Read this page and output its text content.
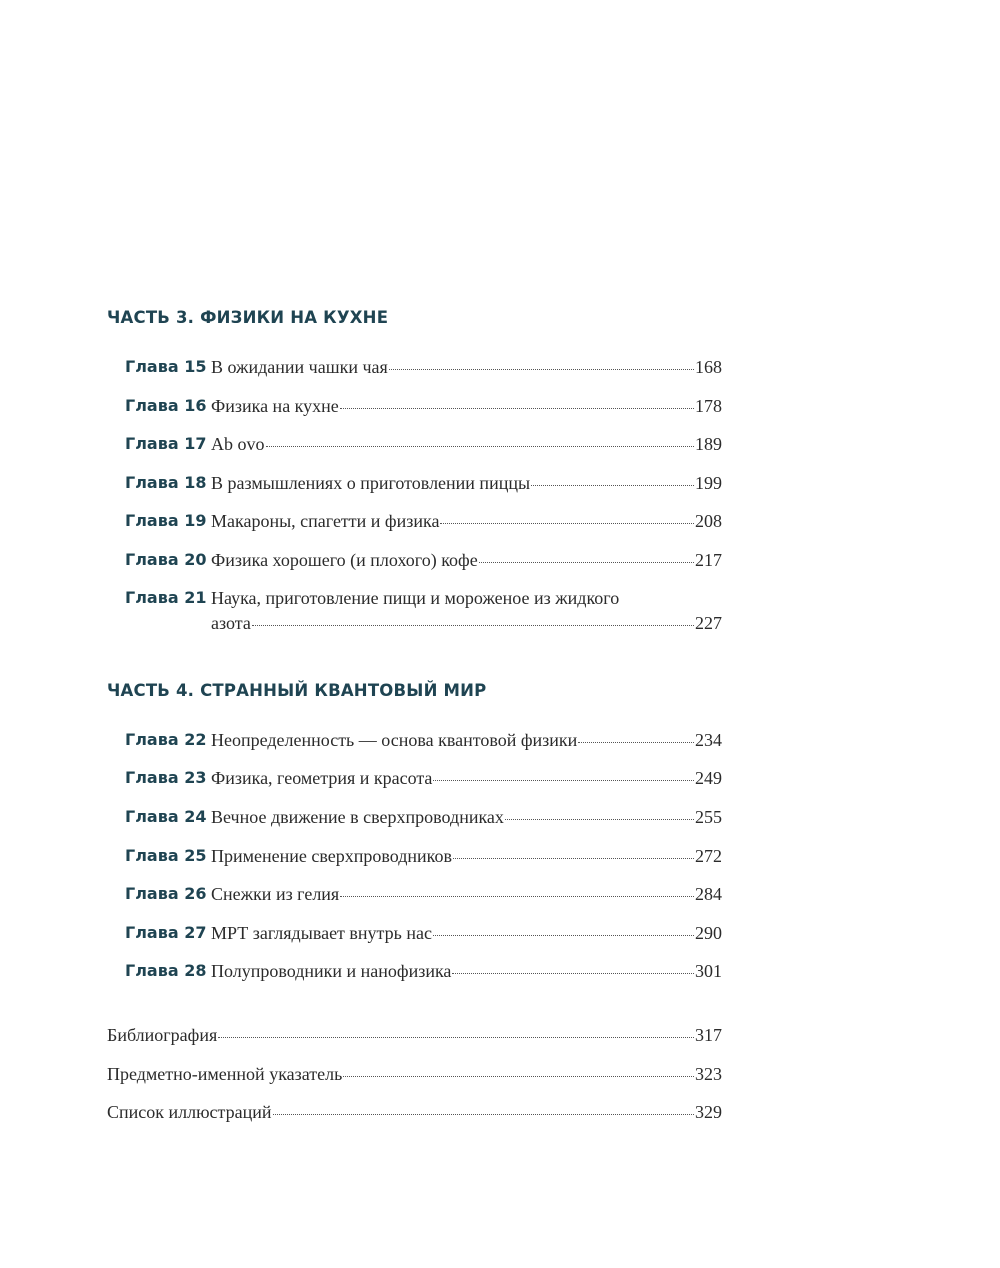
ЧАСТЬ 3. ФИЗИКИ НА КУХНЕ
Глава 15 В ожидании чашки чая	168
Глава 16 Физика на кухне	178
Глава 17 Ab ovo	189
Глава 18 В размышлениях о приготовлении пиццы	199
Глава 19 Макароны, спагетти и физика	208
Глава 20 Физика хорошего (и плохого) кофе	217
Глава 21 Наука, приготовление пищи и мороженое из жидкого
азота	227
ЧАСТЬ 4. СТРАННЫЙ КВАНТОВЫЙ МИР
Глава 22 Неопределенность — основа квантовой физики	234
Глава 23 Физика, геометрия и красота	249
Глава 24 Вечное движение в сверхпроводниках	255
Глава 25 Применение сверхпроводников	272
Глава 26 Снежки из гелия	284
Глава 27 МРТ заглядывает внутрь нас	290
Глава 28 Полупроводники и нанофизика	301
Библиография	317
Предметно-именной указатель	323
Список иллюстраций	329
